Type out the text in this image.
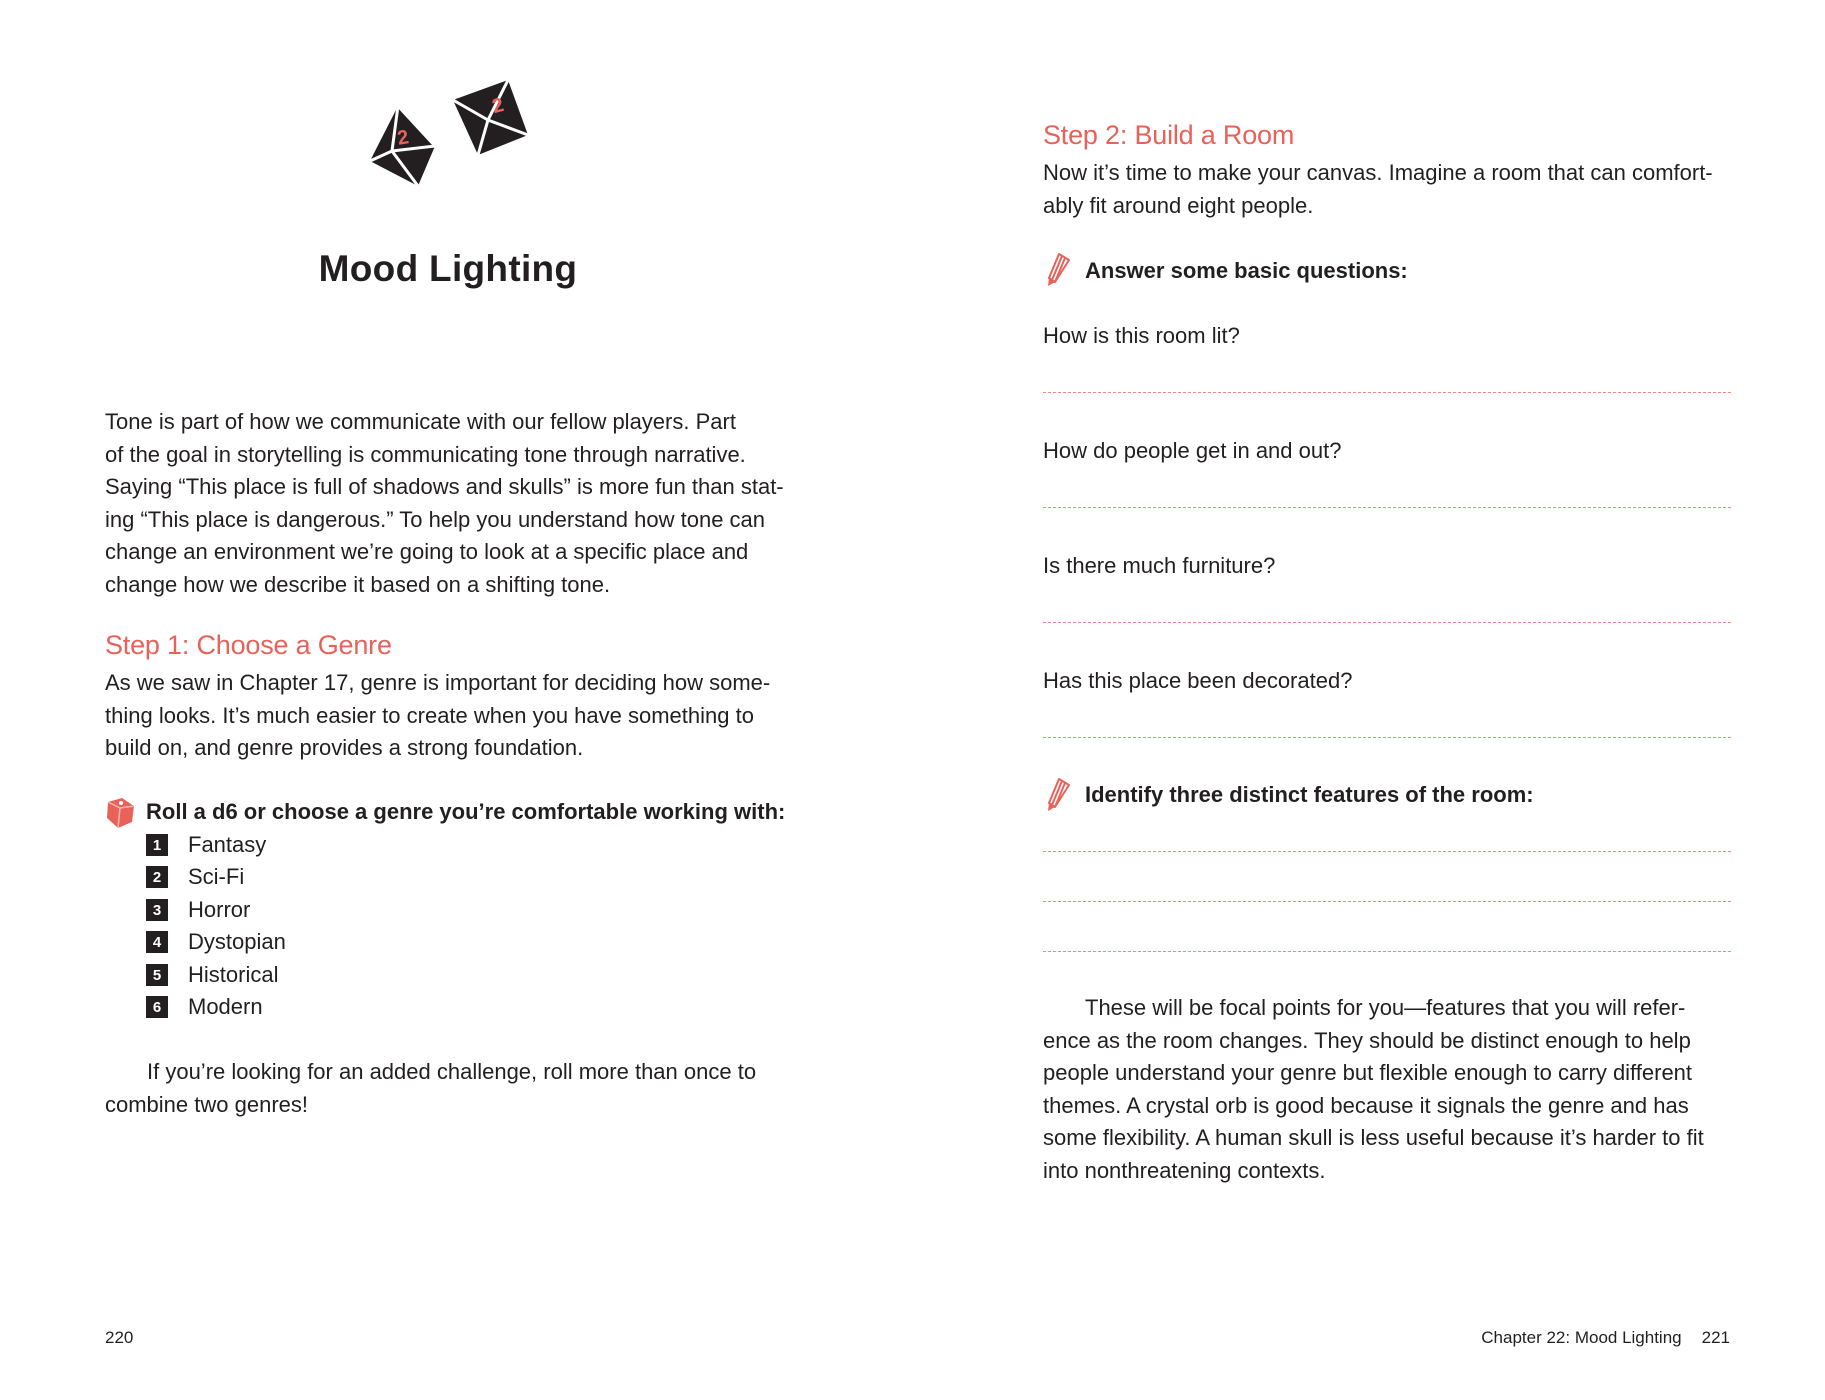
2
2
Mood Lighting
Tone is part of how we communicate with our fellow players. Part
of the goal in storytelling is communicating tone through narrative.
Saying “This place is full of shadows and skulls” is more fun than stat-
ing “This place is dangerous.” To help you understand how tone can
change an environment we’re going to look at a specific place and
change how we describe it based on a shifting tone.
Step 1: Choose a Genre
As we saw in Chapter 17, genre is important for deciding how some-
thing looks. It’s much easier to create when you have something to
build on, and genre provides a strong foundation.
Roll a d6 or choose a genre you’re comfortable working with:
1	Fantasy
2	Sci-Fi
3	Horror
4	Dystopian
5	Historical
6	Modern
If you’re looking for an added challenge, roll more than once to
combine two genres!
220
Step 2: Build a Room
Now it’s time to make your canvas. Imagine a room that can comfort-
ably fit around eight people.
Answer some basic questions:
How is this room lit?
How do people get in and out?
Is there much furniture?
Has this place been decorated?
Identify three distinct features of the room:
These will be focal points for you—features that you will refer-
ence as the room changes. They should be distinct enough to help
people understand your genre but flexible enough to carry different
themes. A crystal orb is good because it signals the genre and has
some flexibility. A human skull is less useful because it’s harder to fit
into nonthreatening contexts.
Chapter 22: Mood Lighting 221
